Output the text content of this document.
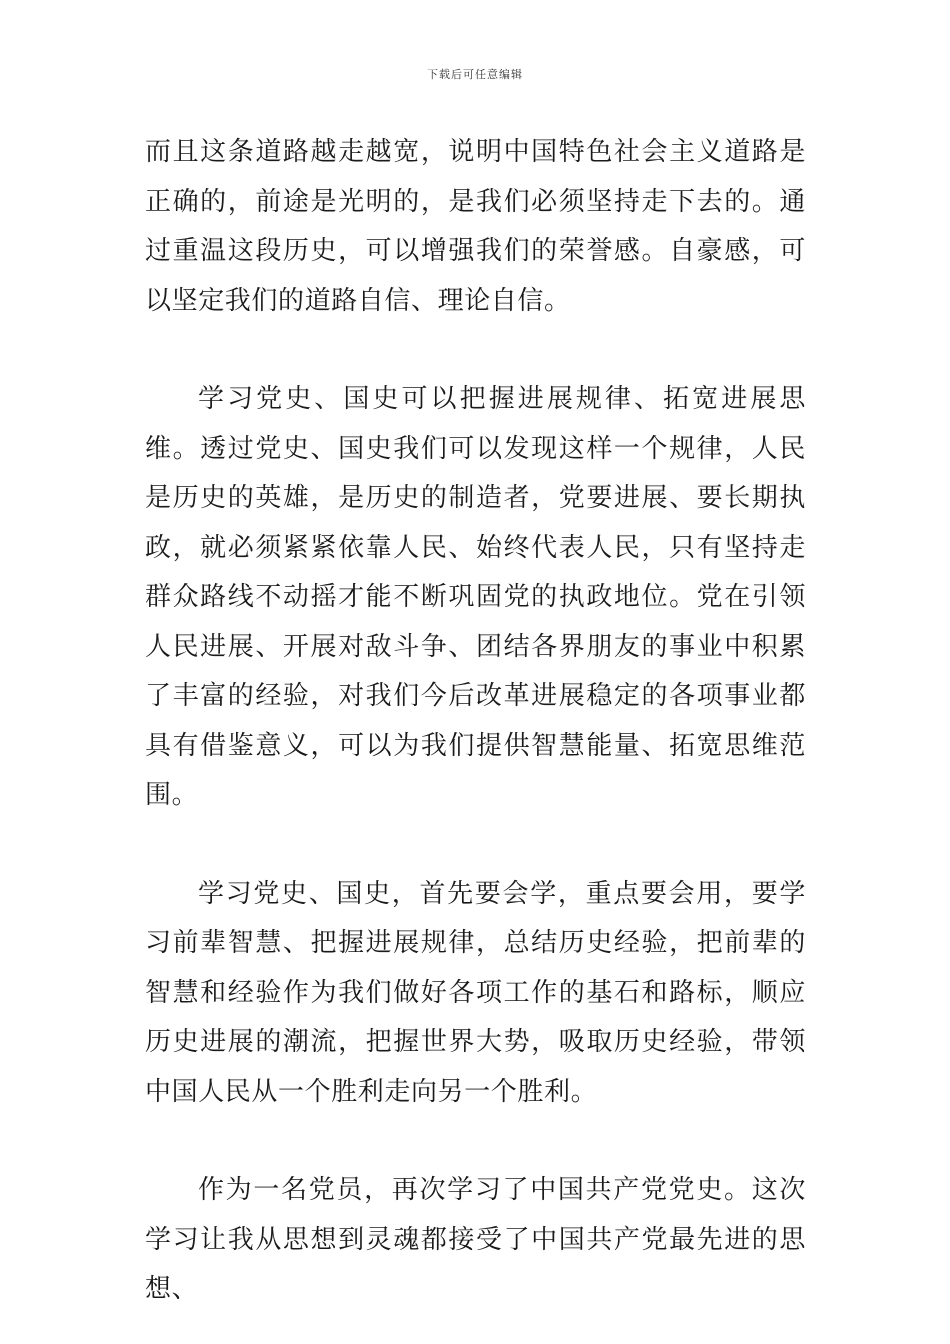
下载后可任意编辑

而且这条道路越走越宽，说明中国特色社会主义道路是正确的，前途是光明的，是我们必须坚持走下去的。通过重温这段历史，可以增强我们的荣誉感。自豪感，可以坚定我们的道路自信、理论自信。

学习党史、国史可以把握进展规律、拓宽进展思维。透过党史、国史我们可以发现这样一个规律，人民是历史的英雄，是历史的制造者，党要进展、要长期执政，就必须紧紧依靠人民、始终代表人民，只有坚持走群众路线不动摇才能不断巩固党的执政地位。党在引领人民进展、开展对敌斗争、团结各界朋友的事业中积累了丰富的经验，对我们今后改革进展稳定的各项事业都具有借鉴意义，可以为我们提供智慧能量、拓宽思维范围。

学习党史、国史，首先要会学，重点要会用，要学习前辈智慧、把握进展规律，总结历史经验，把前辈的智慧和经验作为我们做好各项工作的基石和路标，顺应历史进展的潮流，把握世界大势，吸取历史经验，带领中国人民从一个胜利走向另一个胜利。

作为一名党员，再次学习了中国共产党党史。这次学习让我从思想到灵魂都接受了中国共产党最先进的思想、
